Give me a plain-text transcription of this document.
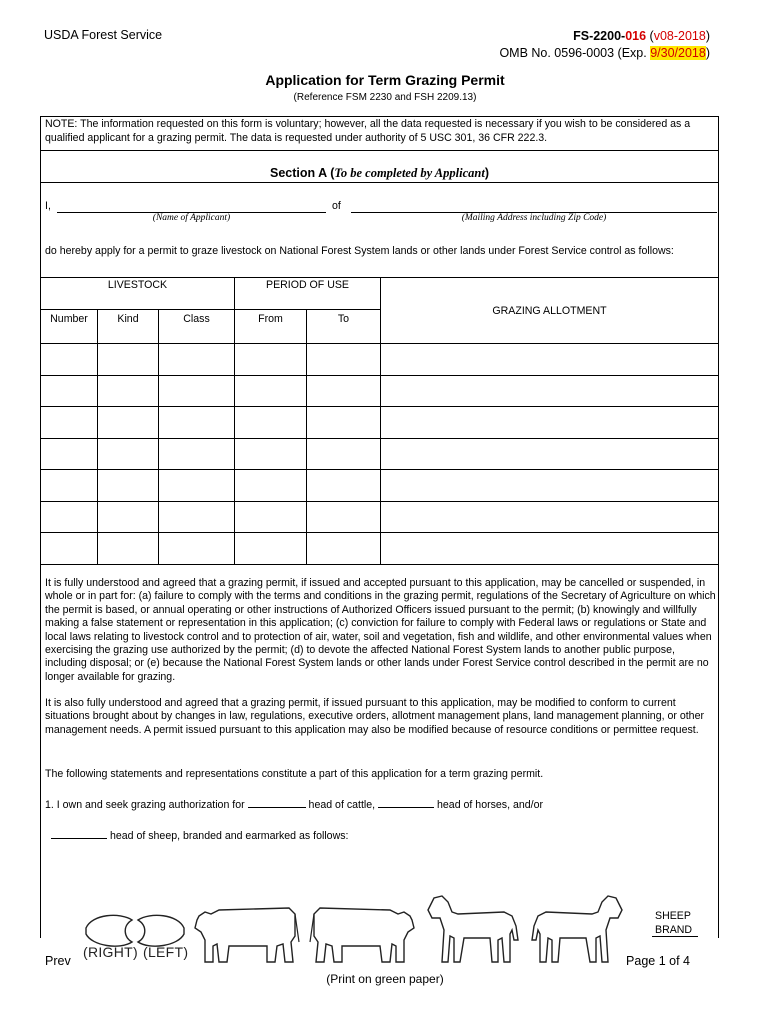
USDA Forest Service	FS-2200-016 (v08-2018)
OMB No. 0596-0003 (Exp. 9/30/2018)
Application for Term Grazing Permit
(Reference FSM 2230 and FSH 2209.13)
NOTE: The information requested on this form is voluntary; however, all the data requested is necessary if you wish to be considered as a qualified applicant for a grazing permit. The data is requested under authority of 5 USC 301, 36 CFR 222.3.
Section A (To be completed by Applicant)
I,	of
(Name of Applicant)	(Mailing Address including Zip Code)
do hereby apply for a permit to graze livestock on National Forest System lands or other lands under Forest Service control as follows:
LIVESTOCK			PERIOD OF USE		GRAZING ALLOTMENT
Number	Kind	Class	From	To	

It is fully understood and agreed that a grazing permit, if issued and accepted pursuant to this application, may be cancelled or suspended, in whole or in part for: (a) failure to comply with the terms and conditions in the grazing permit, regulations of the Secretary of Agriculture on which the permit is based, or annual operating or other instructions of Authorized Officers issued pursuant to the permit; (b) knowingly and willfully making a false statement or representation in this application; (c) conviction for failure to comply with Federal laws or regulations or State and local laws relating to livestock control and to protection of air, water, soil and vegetation, fish and wildlife, and other environmental values when exercising the grazing use authorized by the permit; (d) to devote the affected National Forest System lands to another public purpose, including disposal; or (e) because the National Forest System lands or other lands under Forest Service control described in the permit are no longer available for grazing.
It is also fully understood and agreed that a grazing permit, if issued pursuant to this application, may be modified to conform to current situations brought about by changes in law, regulations, executive orders, allotment management plans, land management planning, or other management needs. A permit issued pursuant to this application may also be modified because of resource conditions or permittee request.
The following statements and representations constitute a part of this application for a term grazing permit.
1. I own and seek grazing authorization for	head of cattle,	head of horses, and/or
head of sheep, branded and earmarked as follows:
(RIGHT) (LEFT)
SHEEP
BRAND
Prev	Page 1 of 4
(Print on green paper)
